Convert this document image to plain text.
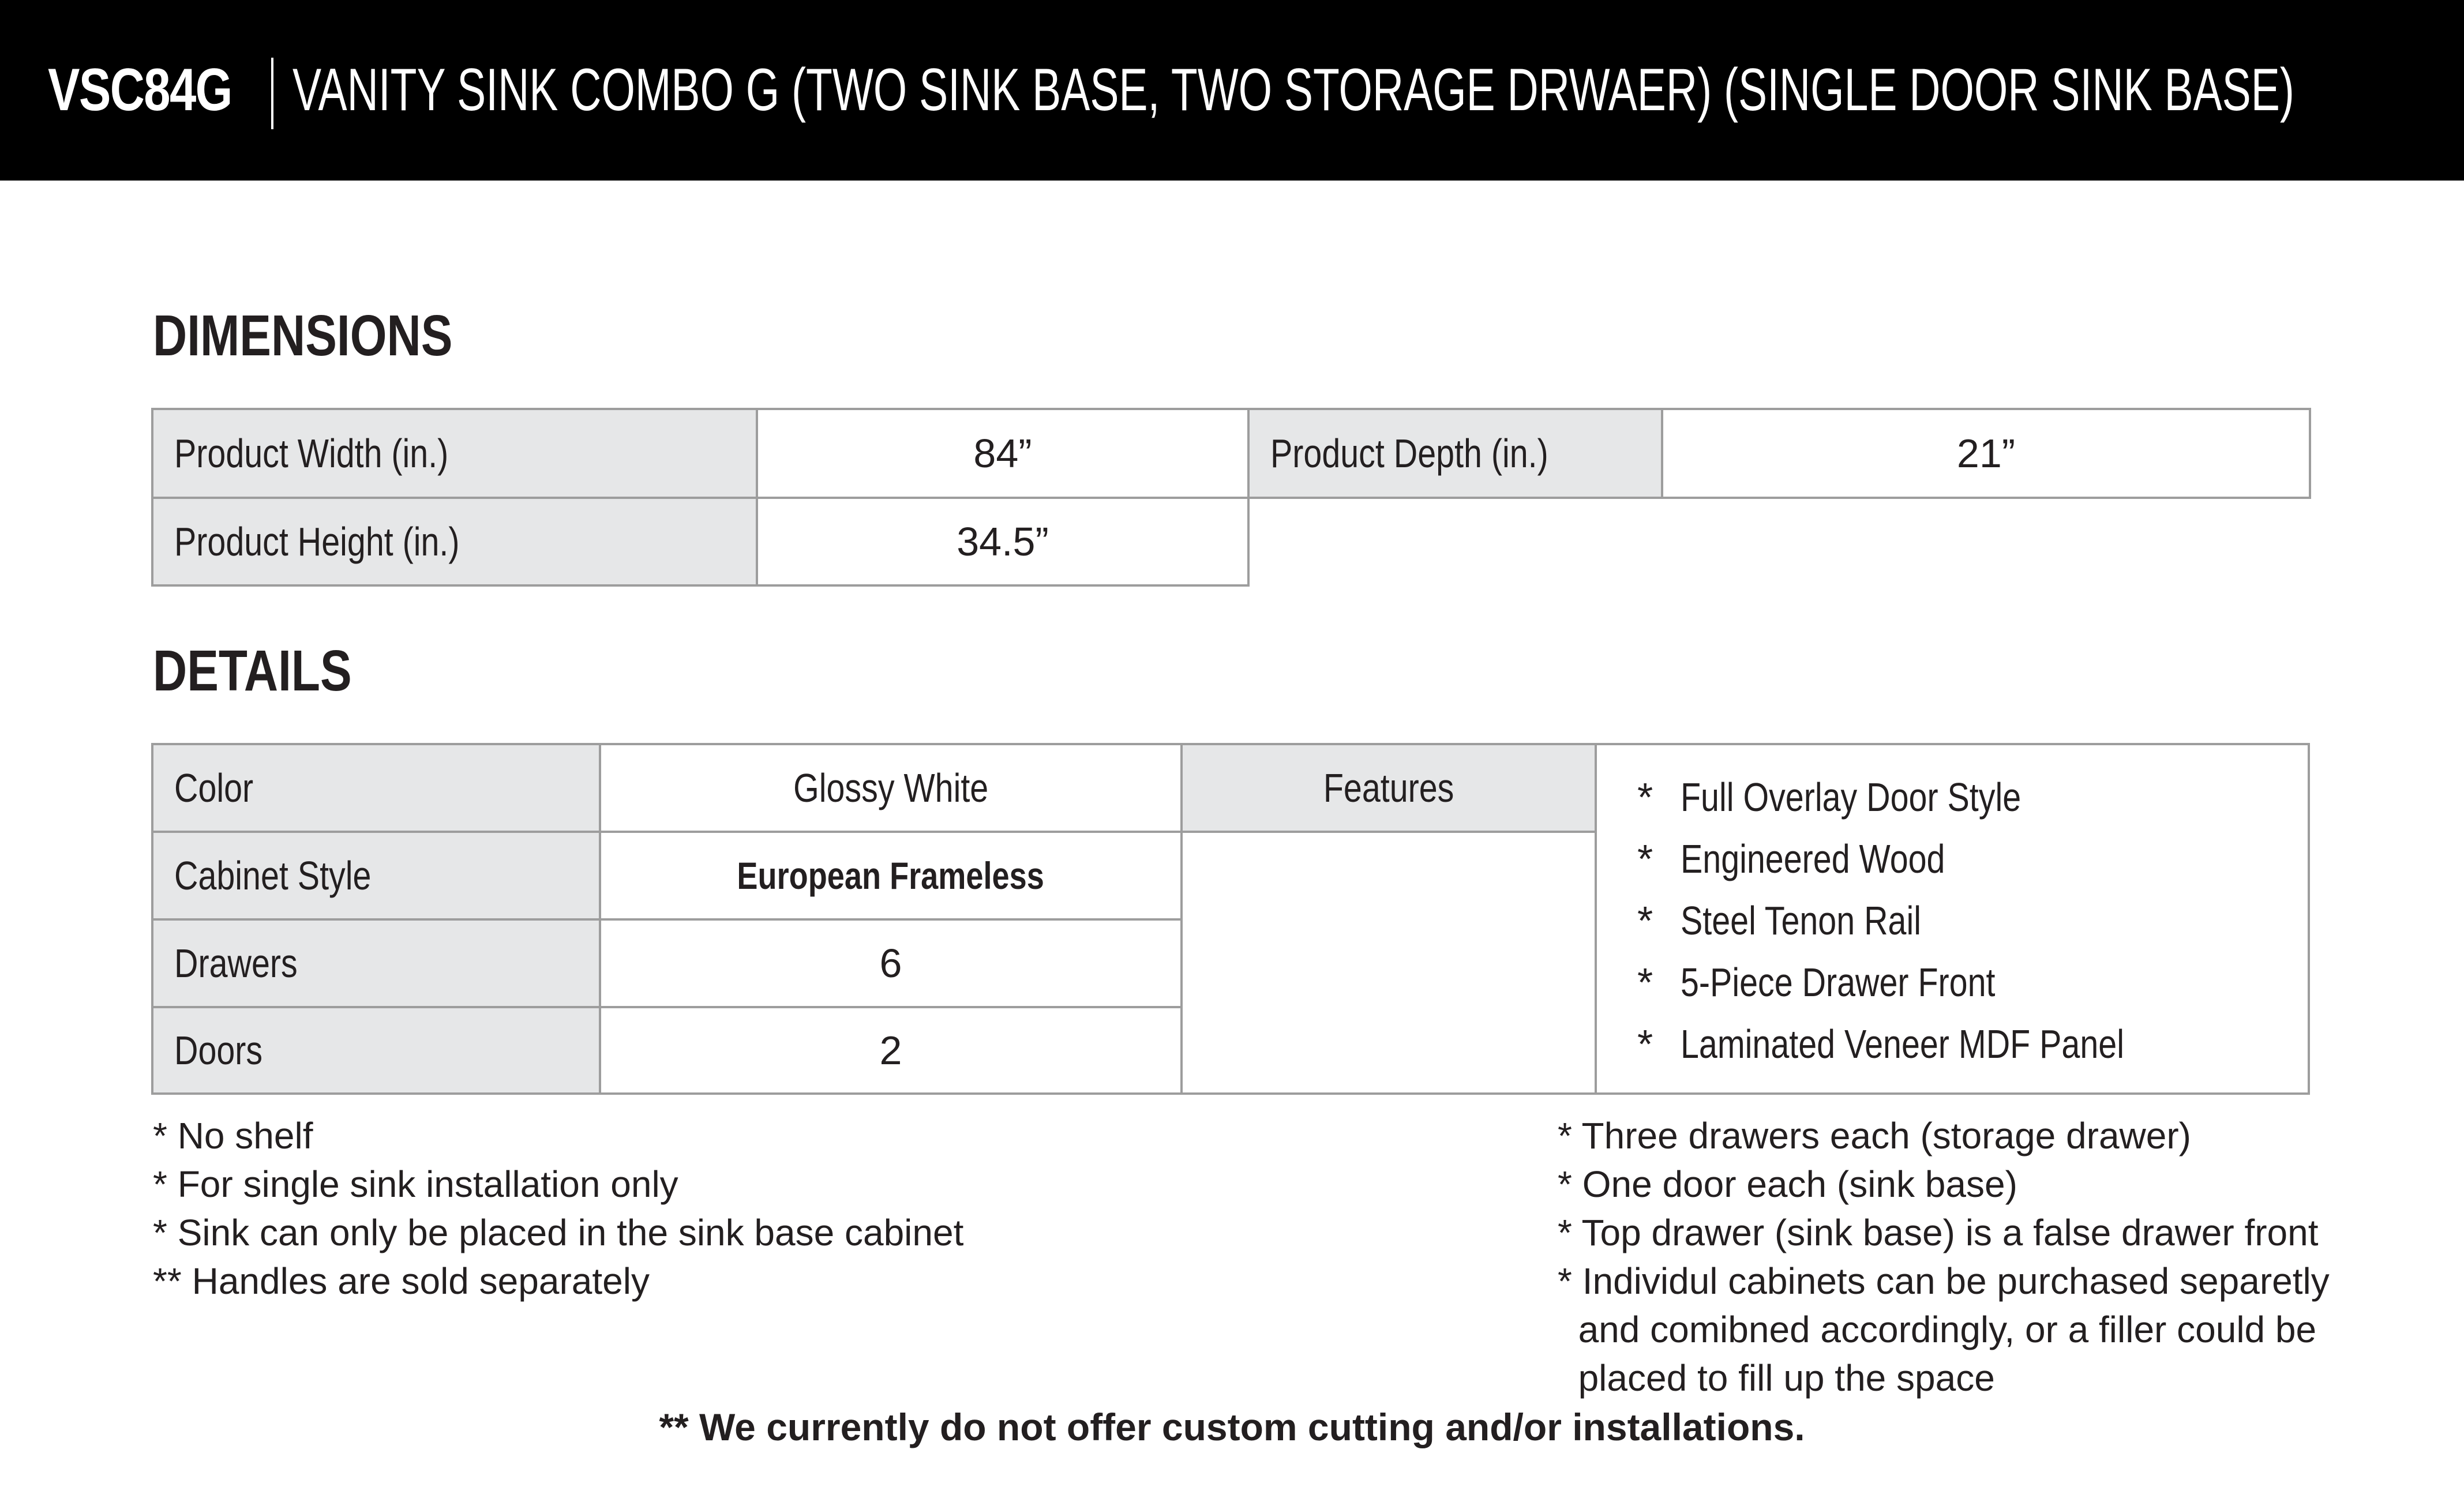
VSC84G VANITY SINK COMBO G (TWO SINK BASE, TWO STORAGE DRWAER) (SINGLE DOOR SINK BASE)
DIMENSIONS
Product Width (in.)	84”	Product Depth (in.)	21”
Product Height (in.)	34.5”
DETAILS
Color	Glossy White
Cabinet Style	European Frameless
Drawers	6
Doors	2
Features	* Full Overlay Door Style
* Engineered Wood
* Steel Tenon Rail
* 5-Piece Drawer Front
* Laminated Veneer MDF Panel
* No shelf
* For single sink installation only
* Sink can only be placed in the sink base cabinet
** Handles are sold separately
* Three drawers each (storage drawer)
* One door each (sink base)
* Top drawer (sink base) is a false drawer front
* Individul cabinets can be purchased separetly
and comibned accordingly, or a filler could be
placed to fill up the space
** We currently do not offer custom cutting and/or installations.
